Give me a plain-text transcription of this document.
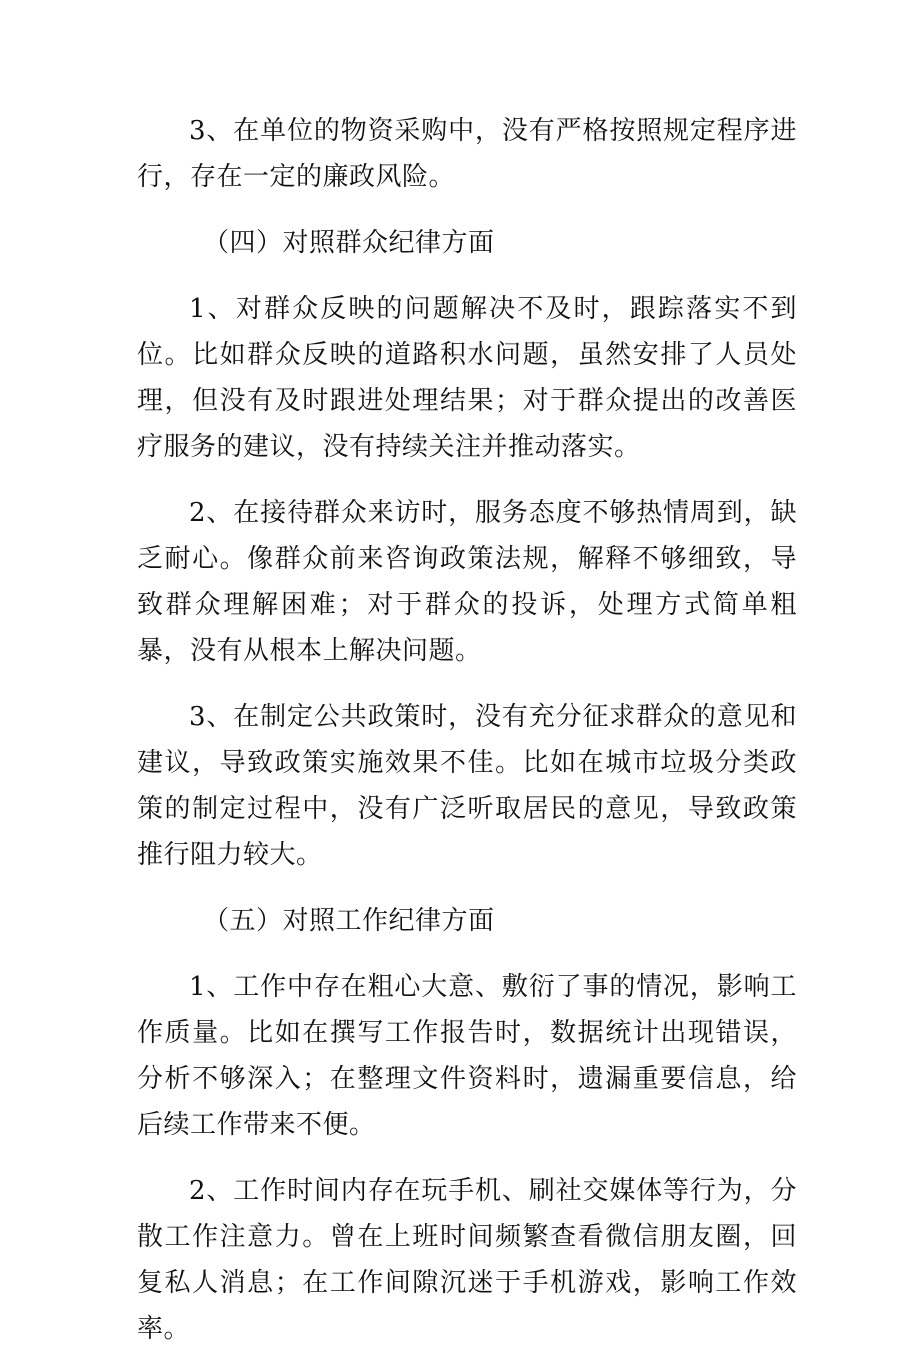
3、在单位的物资采购中，没有严格按照规定程序进行，存在一定的廉政风险。

（四）对照群众纪律方面

1、对群众反映的问题解决不及时，跟踪落实不到位。比如群众反映的道路积水问题，虽然安排了人员处理，但没有及时跟进处理结果；对于群众提出的改善医疗服务的建议，没有持续关注并推动落实。

2、在接待群众来访时，服务态度不够热情周到，缺乏耐心。像群众前来咨询政策法规，解释不够细致，导致群众理解困难；对于群众的投诉，处理方式简单粗暴，没有从根本上解决问题。

3、在制定公共政策时，没有充分征求群众的意见和建议，导致政策实施效果不佳。比如在城市垃圾分类政策的制定过程中，没有广泛听取居民的意见，导致政策推行阻力较大。

（五）对照工作纪律方面

1、工作中存在粗心大意、敷衍了事的情况，影响工作质量。比如在撰写工作报告时，数据统计出现错误，分析不够深入；在整理文件资料时，遗漏重要信息，给后续工作带来不便。

2、工作时间内存在玩手机、刷社交媒体等行为，分散工作注意力。曾在上班时间频繁查看微信朋友圈，回复私人消息；在工作间隙沉迷于手机游戏，影响工作效率。
